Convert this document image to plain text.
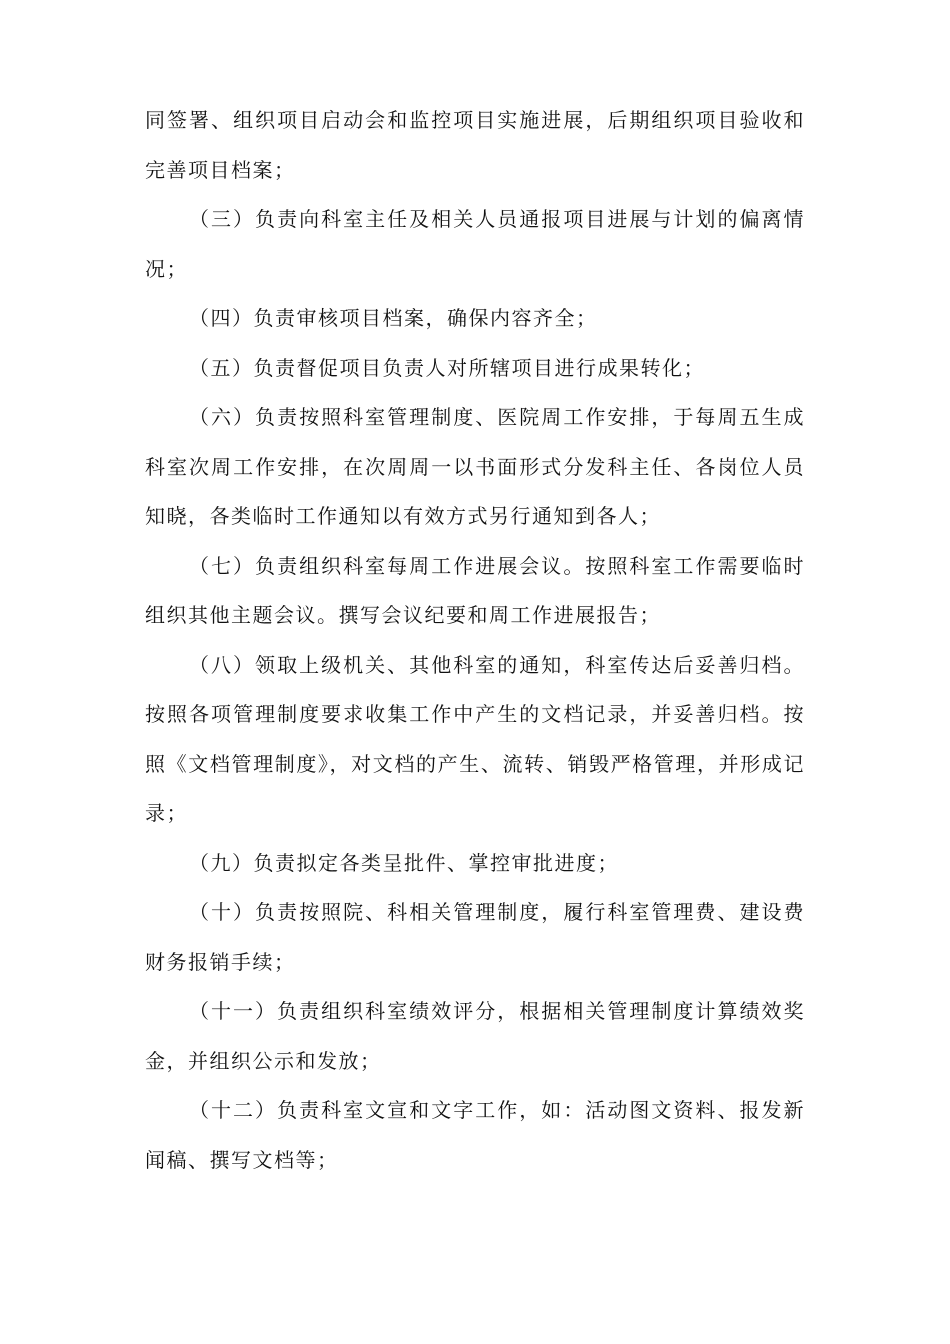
同签署、组织项目启动会和监控项目实施进展，后期组织项目验收和完善项目档案；

（三）负责向科室主任及相关人员通报项目进展与计划的偏离情况；

（四）负责审核项目档案，确保内容齐全；

（五）负责督促项目负责人对所辖项目进行成果转化；

（六）负责按照科室管理制度、医院周工作安排，于每周五生成科室次周工作安排，在次周周一以书面形式分发科主任、各岗位人员知晓，各类临时工作通知以有效方式另行通知到各人；

（七）负责组织科室每周工作进展会议。按照科室工作需要临时组织其他主题会议。撰写会议纪要和周工作进展报告；

（八）领取上级机关、其他科室的通知，科室传达后妥善归档。按照各项管理制度要求收集工作中产生的文档记录，并妥善归档。按照《文档管理制度》，对文档的产生、流转、销毁严格管理，并形成记录；

（九）负责拟定各类呈批件、掌控审批进度；

（十）负责按照院、科相关管理制度，履行科室管理费、建设费财务报销手续；

（十一）负责组织科室绩效评分，根据相关管理制度计算绩效奖金，并组织公示和发放；

（十二）负责科室文宣和文字工作，如：活动图文资料、报发新闻稿、撰写文档等；
